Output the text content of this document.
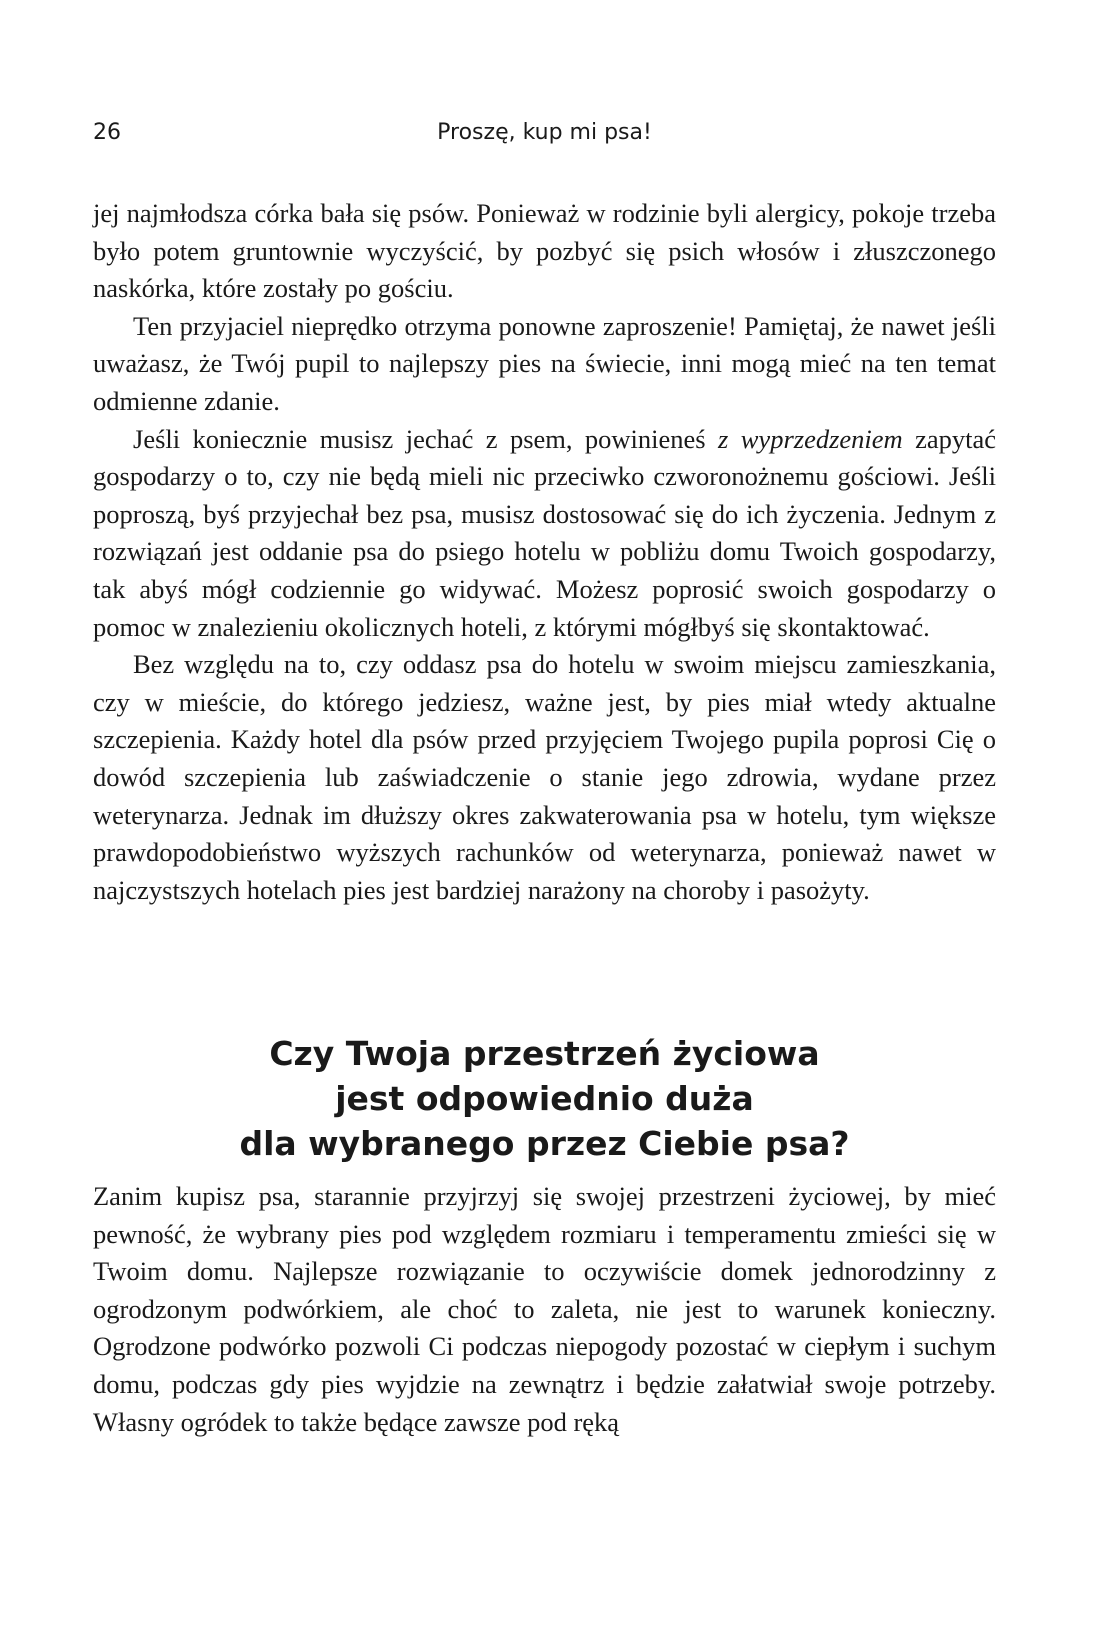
26	Proszę, kup mi psa!

jej najmłodsza córka bała się psów. Ponieważ w rodzinie byli alergicy, pokoje trzeba było potem gruntownie wyczyścić, by pozbyć się psich włosów i złuszczonego naskórka, które zostały po gościu.

Ten przyjaciel nieprędko otrzyma ponowne zaproszenie! Pamiętaj, że nawet jeśli uważasz, że Twój pupil to najlepszy pies na świecie, inni mogą mieć na ten temat odmienne zdanie.

Jeśli koniecznie musisz jechać z psem, powinieneś z wyprzedzeniem zapytać gospodarzy o to, czy nie będą mieli nic przeciwko czworonożnemu gościowi. Jeśli poproszą, byś przyjechał bez psa, musisz dostosować się do ich życzenia. Jednym z rozwiązań jest oddanie psa do psiego hotelu w pobliżu domu Twoich gospodarzy, tak abyś mógł codziennie go widywać. Możesz poprosić swoich gospodarzy o pomoc w znalezieniu okolicznych hoteli, z którymi mógłbyś się skontaktować.

Bez względu na to, czy oddasz psa do hotelu w swoim miejscu zamieszkania, czy w mieście, do którego jedziesz, ważne jest, by pies miał wtedy aktualne szczepienia. Każdy hotel dla psów przed przyjęciem Twojego pupila poprosi Cię o dowód szczepienia lub zaświadczenie o stanie jego zdrowia, wydane przez weterynarza. Jednak im dłuższy okres zakwaterowania psa w hotelu, tym większe prawdopodobieństwo wyższych rachunków od weterynarza, ponieważ nawet w najczystszych hotelach pies jest bardziej narażony na choroby i pasożyty.

Czy Twoja przestrzeń życiowa
jest odpowiednio duża
dla wybranego przez Ciebie psa?

Zanim kupisz psa, starannie przyjrzyj się swojej przestrzeni życiowej, by mieć pewność, że wybrany pies pod względem rozmiaru i temperamentu zmieści się w Twoim domu. Najlepsze rozwiązanie to oczywiście domek jednorodzinny z ogrodzonym podwórkiem, ale choć to zaleta, nie jest to warunek konieczny. Ogrodzone podwórko pozwoli Ci podczas niepogody pozostać w ciepłym i suchym domu, podczas gdy pies wyjdzie na zewnątrz i będzie załatwiał swoje potrzeby. Własny ogródek to także będące zawsze pod ręką
